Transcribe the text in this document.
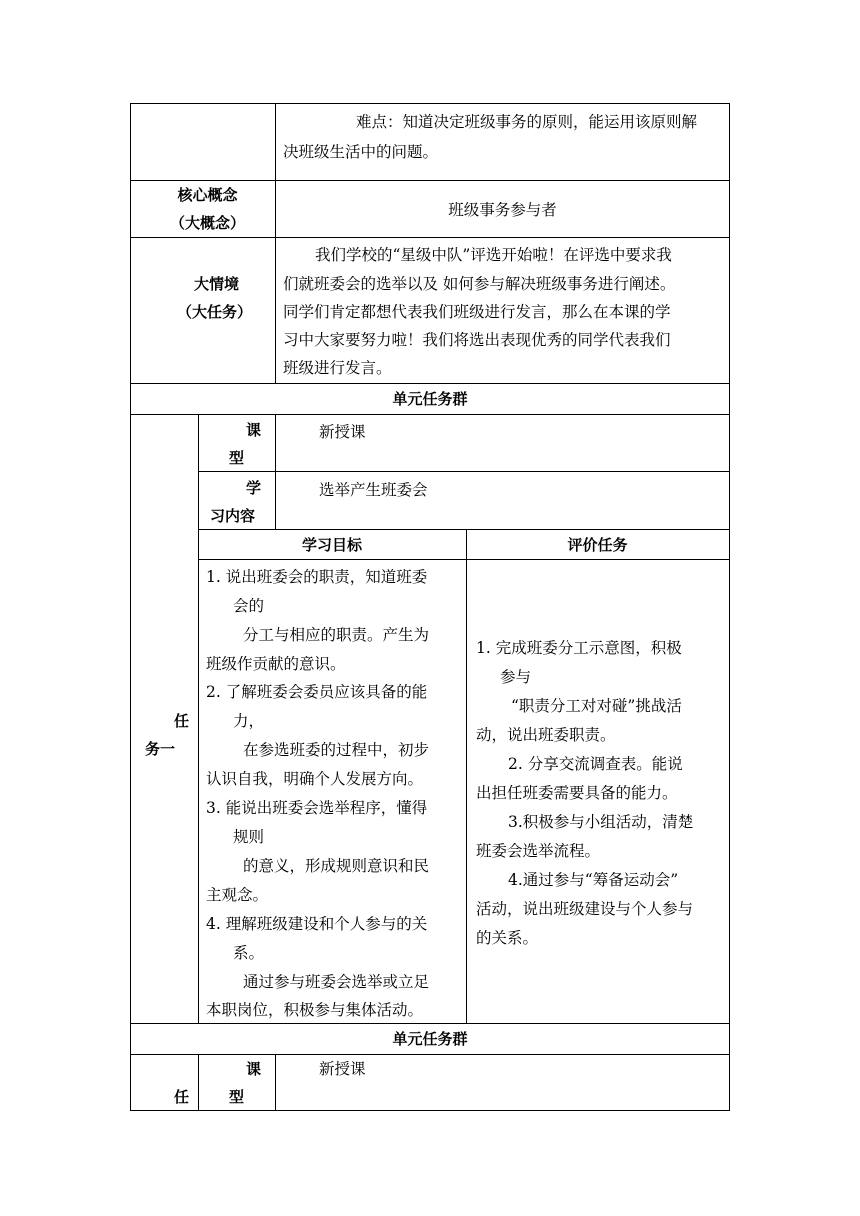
难点：知道决定班级事务的原则，能运用该原则解
决班级生活中的问题。
核心概念
（大概念）
班级事务参与者
大情境
（大任务）
我们学校的“星级中队”评选开始啦！在评选中要求我
们就班委会的选举以及 如何参与解决班级事务进行阐述。
同学们肯定都想代表我们班级进行发言，那么在本课的学
习中大家要努力啦！我们将选出表现优秀的同学代表我们
班级进行发言。
单元任务群
任
务一
课
型
新授课
学
习内容
选举产生班委会
学习目标	评价任务
1. 说出班委会的职责，知道班委
会的
分工与相应的职责。产生为
班级作贡献的意识。
2. 了解班委会委员应该具备的能
力，
在参选班委的过程中，初步
认识自我，明确个人发展方向。
3. 能说出班委会选举程序，懂得
规则
的意义，形成规则意识和民
主观念。
4. 理解班级建设和个人参与的关
系。
通过参与班委会选举或立足
本职岗位，积极参与集体活动。
1. 完成班委分工示意图，积极
参与
“职责分工对对碰”挑战活
动，说出班委职责。
2. 分享交流调查表。能说
出担任班委需要具备的能力。
3.积极参与小组活动，清楚
班委会选举流程。
4.通过参与“筹备运动会”
活动，说出班级建设与个人参与
的关系。
单元任务群
任
课
型
新授课
